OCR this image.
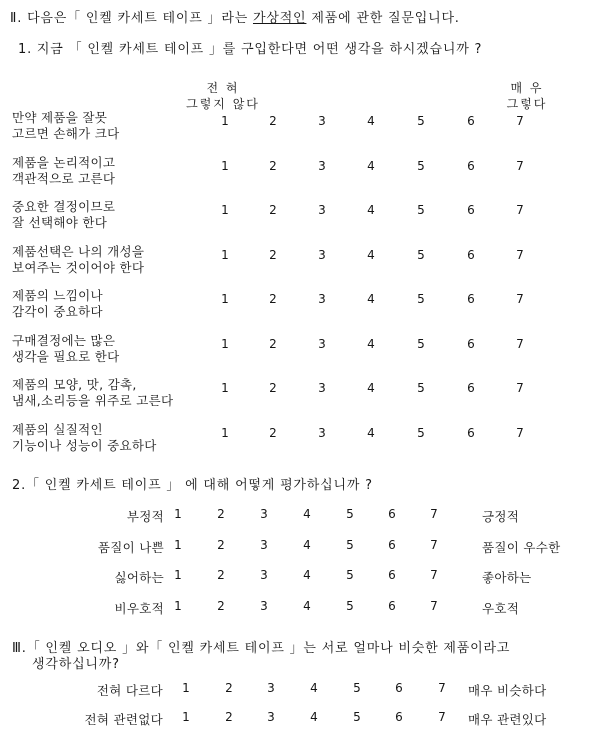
Ⅱ. 다음은「 인켈 카세트 테이프 」라는 가상적인 제품에 관한 질문입니다.
1. 지금 「 인켈 카세트 테이프 」를 구입한다면 어떤 생각을 하시겠습니까 ?
전 혀
그렇지 않다
매 우
그렇다
만약 제품을 잘못
고르면 손해가 크다
1	2	3	4	5	6	7
제품을 논리적이고
객관적으로 고른다
1	2	3	4	5	6	7
중요한 결정이므로
잘 선택해야 한다
1	2	3	4	5	6	7
제품선택은 나의 개성을
보여주는 것이어야 한다
1	2	3	4	5	6	7
제품의 느낌이나
감각이 중요하다
1	2	3	4	5	6	7
구매결정에는 많은
생각을 필요로 한다
1	2	3	4	5	6	7
제품의 모양, 맛, 감촉,
냄새,소리등을 위주로 고른다
1	2	3	4	5	6	7
제품의 실질적인
기능이나 성능이 중요하다
1	2	3	4	5	6	7
2.「 인켈 카세트 테이프 」 에 대해 어떻게 평가하십니까 ?
부정적 1	2	3	4	5	6	7	긍정적
품질이 나쁜 1	2	3	4	5	6	7	품질이 우수한
싫어하는 1	2	3	4	5	6	7	좋아하는
비우호적 1	2	3	4	5	6	7	우호적
Ⅲ.「 인켈 오디오 」와「 인켈 카세트 테이프 」는 서로 얼마나 비슷한 제품이라고
생각하십니까?
전혀 다르다 1	2	3	4	5	6	7 매우 비슷하다
전혀 관련없다 1	2	3	4	5	6	7 매우 관련있다
